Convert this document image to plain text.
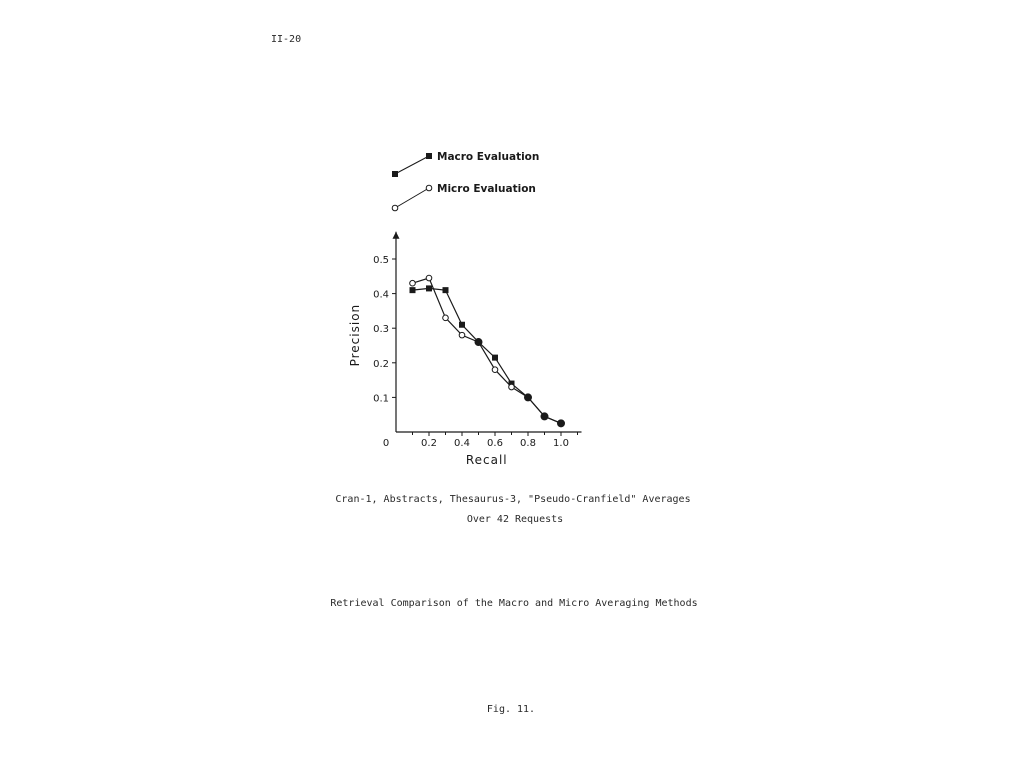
II-20
Macro Evaluation
Micro Evaluation
0.2 0.4 0.6 0.8 1.0
0.1
0.2
0.3
0.4
0.5
0
Recall
Precision
Cran-1, Abstracts, Thesaurus-3, "Pseudo-Cranfield" Averages
Over 42 Requests
Retrieval Comparison of the Macro and Micro Averaging Methods
Fig. 11.
